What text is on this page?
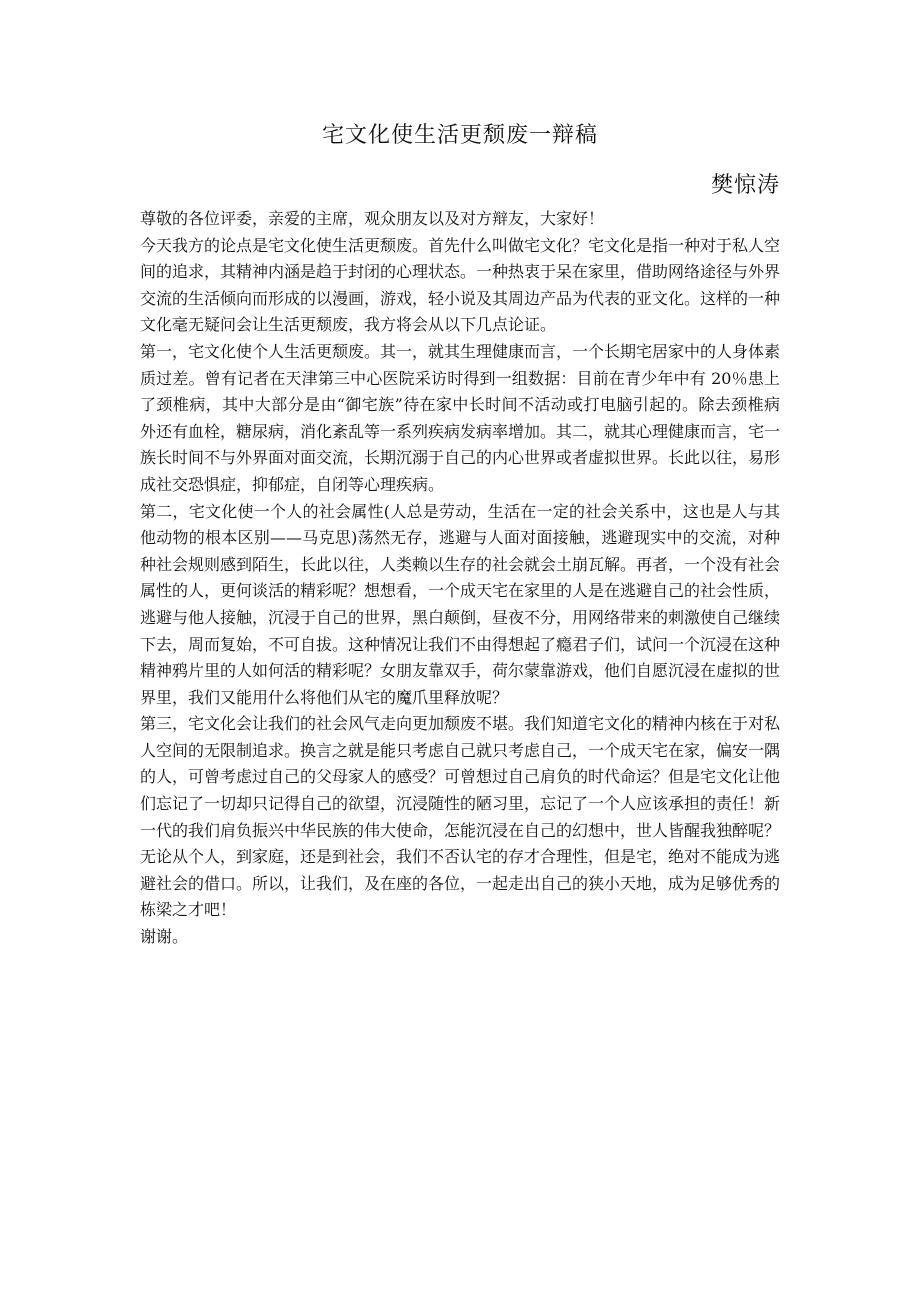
宅文化使生活更颓废一辩稿
樊惊涛

尊敬的各位评委，亲爱的主席，观众朋友以及对方辩友，大家好！

今天我方的论点是宅文化使生活更颓废。首先什么叫做宅文化？宅文化是指一种对于私人空间的追求，其精神内涵是趋于封闭的心理状态。一种热衷于呆在家里，借助网络途径与外界交流的生活倾向而形成的以漫画，游戏，轻小说及其周边产品为代表的亚文化。这样的一种文化毫无疑问会让生活更颓废，我方将会从以下几点论证。

第一，宅文化使个人生活更颓废。其一，就其生理健康而言，一个长期宅居家中的人身体素质过差。曾有记者在天津第三中心医院采访时得到一组数据：目前在青少年中有 20％患上了颈椎病，其中大部分是由“御宅族”待在家中长时间不活动或打电脑引起的。除去颈椎病外还有血栓，糖尿病，消化紊乱等一系列疾病发病率增加。其二，就其心理健康而言，宅一族长时间不与外界面对面交流，长期沉溺于自己的内心世界或者虚拟世界。长此以往，易形成社交恐惧症，抑郁症，自闭等心理疾病。

第二，宅文化使一个人的社会属性(人总是劳动，生活在一定的社会关系中，这也是人与其他动物的根本区别——马克思)荡然无存，逃避与人面对面接触，逃避现实中的交流，对种种社会规则感到陌生，长此以往，人类赖以生存的社会就会土崩瓦解。再者，一个没有社会属性的人，更何谈活的精彩呢？想想看，一个成天宅在家里的人是在逃避自己的社会性质，逃避与他人接触，沉浸于自己的世界，黑白颠倒，昼夜不分，用网络带来的刺激使自己继续下去，周而复始，不可自拔。这种情况让我们不由得想起了瘾君子们，试问一个沉浸在这种精神鸦片里的人如何活的精彩呢？女朋友靠双手，荷尔蒙靠游戏，他们自愿沉浸在虚拟的世界里，我们又能用什么将他们从宅的魔爪里释放呢？

第三，宅文化会让我们的社会风气走向更加颓废不堪。我们知道宅文化的精神内核在于对私人空间的无限制追求。换言之就是能只考虑自己就只考虑自己，一个成天宅在家，偏安一隅的人，可曾考虑过自己的父母家人的感受？可曾想过自己肩负的时代命运？但是宅文化让他们忘记了一切却只记得自己的欲望，沉浸随性的陋习里，忘记了一个人应该承担的责任！新一代的我们肩负振兴中华民族的伟大使命，怎能沉浸在自己的幻想中，世人皆醒我独醉呢？

无论从个人，到家庭，还是到社会，我们不否认宅的存才合理性，但是宅，绝对不能成为逃避社会的借口。所以，让我们，及在座的各位，一起走出自己的狭小天地，成为足够优秀的栋梁之才吧！

谢谢。
